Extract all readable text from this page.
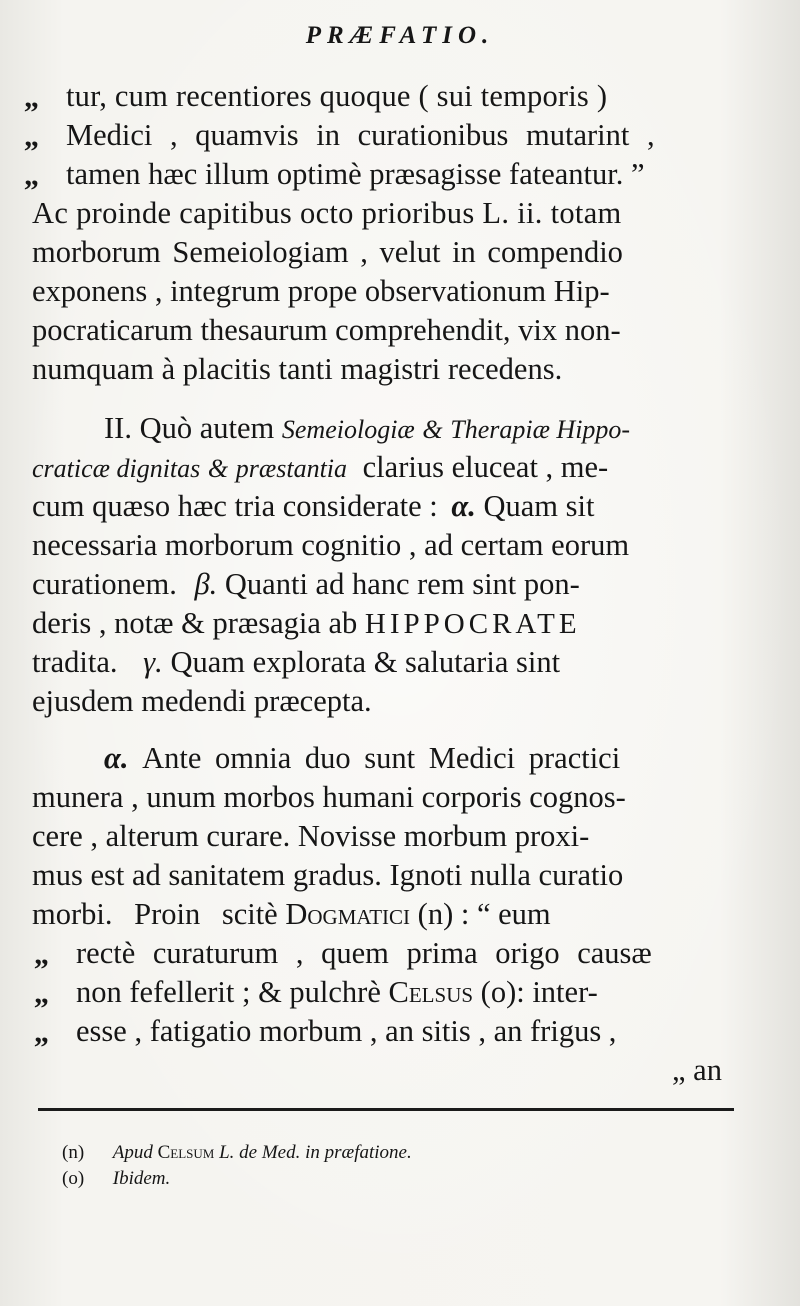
PRÆFATIO.
„ tur, cum recentiores quoque ( sui temporis )
„ Medici , quamvis in curationibus mutarint ,
„ tamen hæc illum optimè præsagisse fateantur. ”
Ac proinde capitibus octo prioribus L. ii. totam
morborum Semeiologiam , velut in compendio
exponens , integrum prope observationum Hip-
pocraticarum thesaurum comprehendit, vix non-
numquam à placitis tanti magistri recedens.
II. Quò autem Semeiologiæ & Therapiæ Hippo-
craticæ dignitas & præstantia clarius eluceat , me-
cum quæso hæc tria considerate : α. Quam sit
necessaria morborum cognitio , ad certam eorum
curationem. β. Quanti ad hanc rem sint pon-
deris , notæ & præsagia ab HIPPOCRATE
tradita. γ. Quam explorata & salutaria sint
ejusdem medendi præcepta.
α. Ante omnia duo sunt Medici practici
munera , unum morbos humani corporis cognos-
cere , alterum curare. Novisse morbum proxi-
mus est ad sanitatem gradus. Ignoti nulla curatio
morbi. Proin scitè Dogmatici (n) : “ eum
„ rectè curaturum , quem prima origo causæ
„ non fefellerit ; & pulchrè Celsus (o): inter-
„ esse , fatigatio morbum , an sitis , an frigus ,
„ an
(n) Apud Celsum L. de Med. in præfatione.
(o) Ibidem.
